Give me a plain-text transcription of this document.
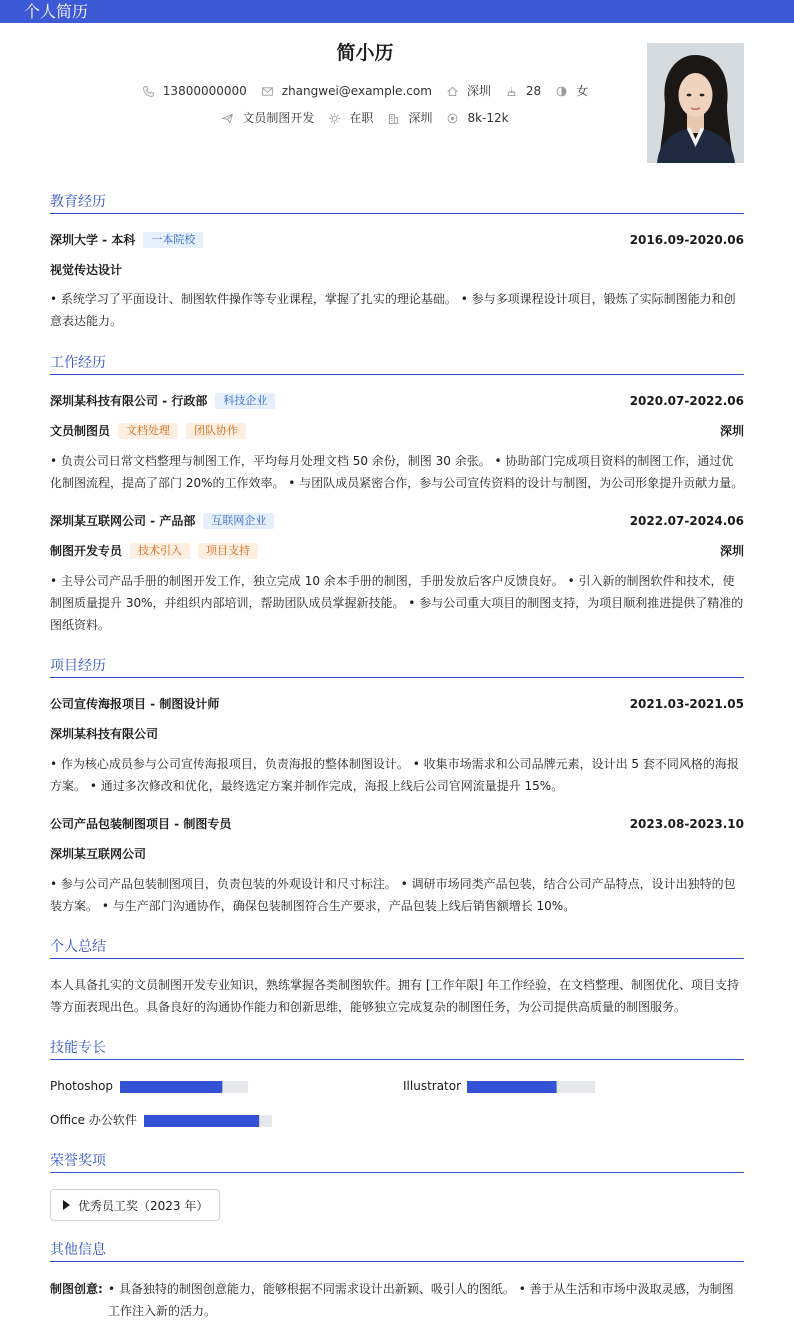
个人简历
简小历
13800000000	zhangwei@example.com	深圳	28	女
文员制图开发	在职	深圳	8k-12k
教育经历
深圳大学 - 本科	一本院校	2016.09-2020.06
视觉传达设计
• 系统学习了平面设计、制图软件操作等专业课程，掌握了扎实的理论基础。 • 参与多项课程设计项目，锻炼了实际制图能力和创意表达能力。
工作经历
深圳某科技有限公司 - 行政部	科技企业	2020.07-2022.06
文员制图员	文档处理	团队协作	深圳
• 负责公司日常文档整理与制图工作，平均每月处理文档 50 余份，制图 30 余张。 • 协助部门完成项目资料的制图工作，通过优化制图流程，提高了部门 20%的工作效率。 • 与团队成员紧密合作，参与公司宣传资料的设计与制图，为公司形象提升贡献力量。
深圳某互联网公司 - 产品部	互联网企业	2022.07-2024.06
制图开发专员	技术引入	项目支持	深圳
• 主导公司产品手册的制图开发工作，独立完成 10 余本手册的制图，手册发放后客户反馈良好。 • 引入新的制图软件和技术，使制图质量提升 30%，并组织内部培训，帮助团队成员掌握新技能。 • 参与公司重大项目的制图支持，为项目顺利推进提供了精准的图纸资料。
项目经历
公司宣传海报项目 - 制图设计师	2021.03-2021.05
深圳某科技有限公司
• 作为核心成员参与公司宣传海报项目，负责海报的整体制图设计。 • 收集市场需求和公司品牌元素，设计出 5 套不同风格的海报方案。 • 通过多次修改和优化，最终选定方案并制作完成，海报上线后公司官网流量提升 15%。
公司产品包装制图项目 - 制图专员	2023.08-2023.10
深圳某互联网公司
• 参与公司产品包装制图项目，负责包装的外观设计和尺寸标注。 • 调研市场同类产品包装，结合公司产品特点，设计出独特的包装方案。 • 与生产部门沟通协作，确保包装制图符合生产要求，产品包装上线后销售额增长 10%。
个人总结
本人具备扎实的文员制图开发专业知识，熟练掌握各类制图软件。拥有 [工作年限] 年工作经验，在文档整理、制图优化、项目支持等方面表现出色。具备良好的沟通协作能力和创新思维，能够独立完成复杂的制图任务，为公司提供高质量的制图服务。
技能专长
Photoshop	Illustrator
Office 办公软件
荣誉奖项
优秀员工奖（2023 年）
其他信息
制图创意: • 具备独特的制图创意能力，能够根据不同需求设计出新颖、吸引人的图纸。 • 善于从生活和市场中汲取灵感，为制图工作注入新的活力。
